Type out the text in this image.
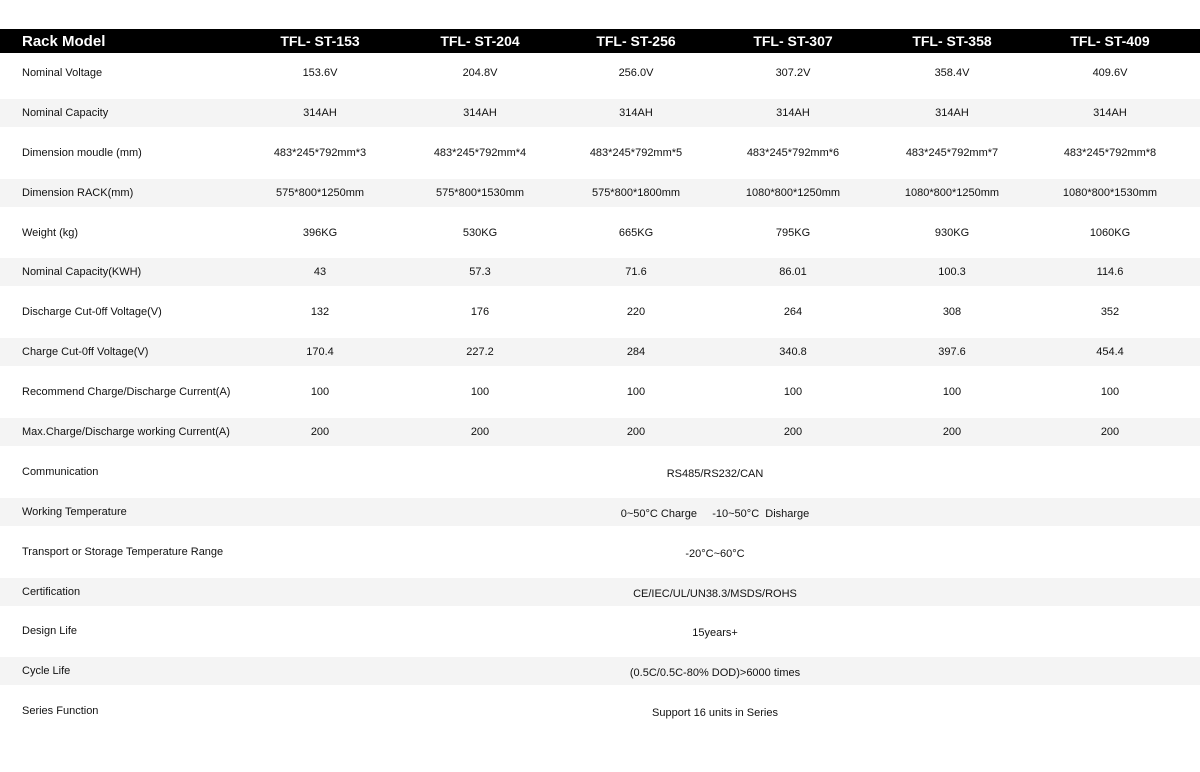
Rack Model	TFL- ST-153	TFL- ST-204	TFL- ST-256	TFL- ST-307	TFL- ST-358	TFL- ST-409
Nominal Voltage	153.6V	204.8V	256.0V	307.2V	358.4V	409.6V
Nominal Capacity	314AH	314AH	314AH	314AH	314AH	314AH
Dimension moudle (mm)	483*245*792mm*3	483*245*792mm*4	483*245*792mm*5	483*245*792mm*6	483*245*792mm*7	483*245*792mm*8
Dimension RACK(mm)	575*800*1250mm	575*800*1530mm	575*800*1800mm	1080*800*1250mm	1080*800*1250mm	1080*800*1530mm
Weight (kg)	396KG	530KG	665KG	795KG	930KG	1060KG
Nominal Capacity(KWH)	43	57.3	71.6	86.01	100.3	114.6
Discharge Cut-0ff Voltage(V)	132	176	220	264	308	352
Charge Cut-0ff Voltage(V)	170.4	227.2	284	340.8	397.6	454.4
Recommend Charge/Discharge Current(A)	100	100	100	100	100	100
Max.Charge/Discharge working Current(A)	200	200	200	200	200	200
Communication	RS485/RS232/CAN
Working Temperature	0~50°C Charge     -10~50°C  Disharge
Transport or Storage Temperature Range	-20°C~60°C
Certification	CE/IEC/UL/UN38.3/MSDS/ROHS
Design Life	15years+
Cycle Life	(0.5C/0.5C-80% DOD)>6000 times
Series Function	Support 16 units in Series
